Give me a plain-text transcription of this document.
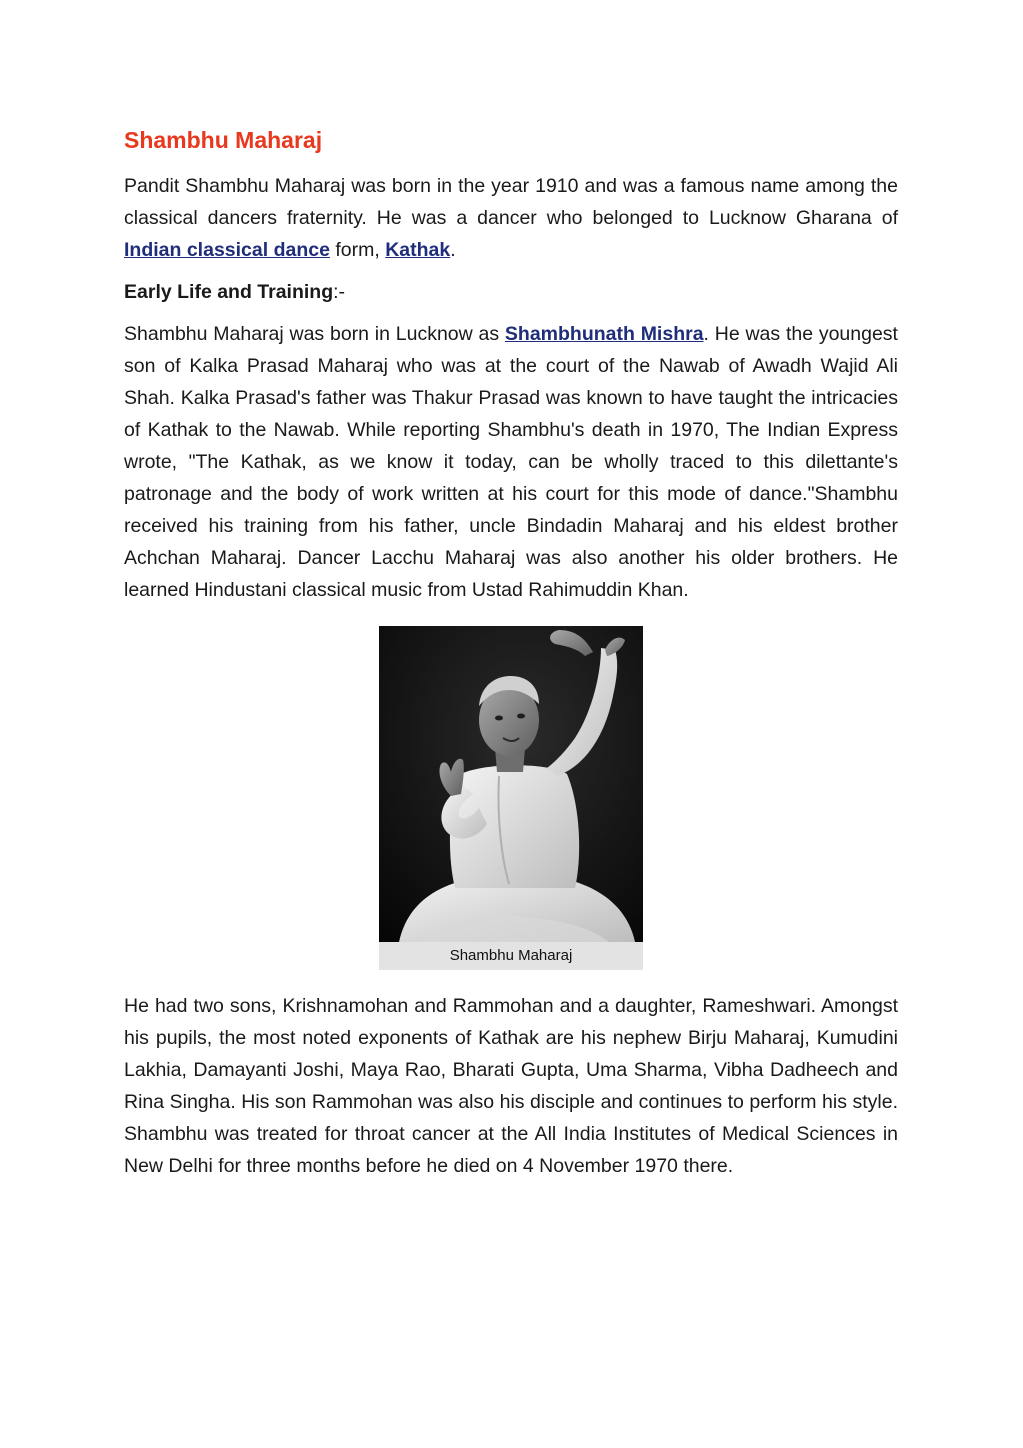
Shambhu Maharaj

Pandit Shambhu Maharaj was born in the year 1910 and was a famous name among the classical dancers fraternity. He was a dancer who belonged to Lucknow Gharana of Indian classical dance form, Kathak.

Early Life and Training:-

Shambhu Maharaj was born in Lucknow as Shambhunath Mishra. He was the youngest son of Kalka Prasad Maharaj who was at the court of the Nawab of Awadh Wajid Ali Shah. Kalka Prasad's father was Thakur Prasad was known to have taught the intricacies of Kathak to the Nawab. While reporting Shambhu's death in 1970, The Indian Express wrote, "The Kathak, as we know it today, can be wholly traced to this dilettante's patronage and the body of work written at his court for this mode of dance."Shambhu received his training from his father, uncle Bindadin Maharaj and his eldest brother Achchan Maharaj. Dancer Lacchu Maharaj was also another his older brothers. He learned Hindustani classical music from Ustad Rahimuddin Khan.

Shambhu Maharaj

He had two sons, Krishnamohan and Rammohan and a daughter, Rameshwari. Amongst his pupils, the most noted exponents of Kathak are his nephew Birju Maharaj, Kumudini Lakhia, Damayanti Joshi, Maya Rao, Bharati Gupta, Uma Sharma, Vibha Dadheech and Rina Singha. His son Rammohan was also his disciple and continues to perform his style. Shambhu was treated for throat cancer at the All India Institutes of Medical Sciences in New Delhi for three months before he died on 4 November 1970 there.
